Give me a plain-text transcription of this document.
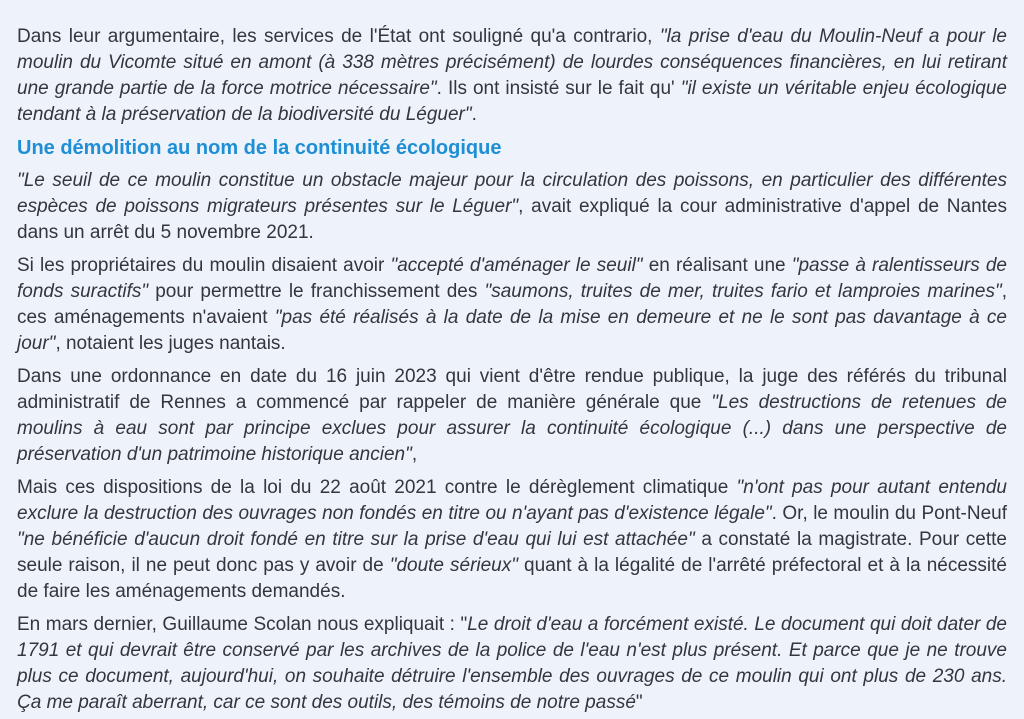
Dans leur argumentaire, les services de l'État ont souligné qu'a contrario, "la prise d'eau du Moulin-Neuf a pour le moulin du Vicomte situé en amont (à 338 mètres précisément) de lourdes conséquences financières, en lui retirant une grande partie de la force motrice nécessaire". Ils ont insisté sur le fait qu' "il existe un véritable enjeu écologique tendant à la préservation de la biodiversité du Léguer".

Une démolition au nom de la continuité écologique

"Le seuil de ce moulin constitue un obstacle majeur pour la circulation des poissons, en particulier des différentes espèces de poissons migrateurs présentes sur le Léguer", avait expliqué la cour administrative d'appel de Nantes dans un arrêt du 5 novembre 2021.

Si les propriétaires du moulin disaient avoir "accepté d'aménager le seuil" en réalisant une "passe à ralentisseurs de fonds suractifs" pour permettre le franchissement des "saumons, truites de mer, truites fario et lamproies marines", ces aménagements n'avaient "pas été réalisés à la date de la mise en demeure et ne le sont pas davantage à ce jour", notaient les juges nantais.

Dans une ordonnance en date du 16 juin 2023 qui vient d'être rendue publique, la juge des référés du tribunal administratif de Rennes a commencé par rappeler de manière générale que "Les destructions de retenues de moulins à eau sont par principe exclues pour assurer la continuité écologique (...) dans une perspective de préservation d'un patrimoine historique ancien",

Mais ces dispositions de la loi du 22 août 2021 contre le dérèglement climatique "n'ont pas pour autant entendu exclure la destruction des ouvrages non fondés en titre ou n'ayant pas d'existence légale". Or, le moulin du Pont-Neuf "ne bénéficie d'aucun droit fondé en titre sur la prise d'eau qui lui est attachée" a constaté la magistrate. Pour cette seule raison, il ne peut donc pas y avoir de "doute sérieux" quant à la légalité de l'arrêté préfectoral et à la nécessité de faire les aménagements demandés.

En mars dernier, Guillaume Scolan nous expliquait : "Le droit d'eau a forcément existé. Le document qui doit dater de 1791 et qui devrait être conservé par les archives de la police de l'eau n'est plus présent. Et parce que je ne trouve plus ce document, aujourd'hui, on souhaite détruire l'ensemble des ouvrages de ce moulin qui ont plus de 230 ans. Ça me paraît aberrant, car ce sont des outils, des témoins de notre passé"
